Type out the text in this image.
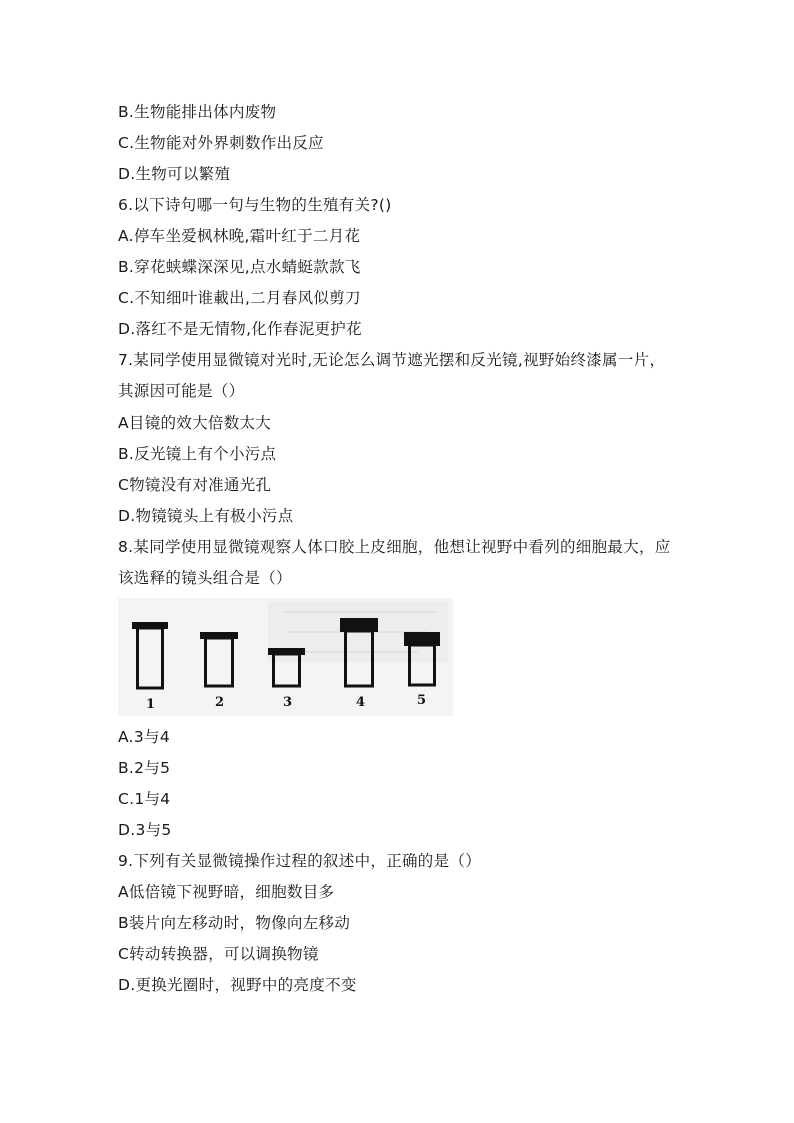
B.生物能排出体内废物
C.生物能对外界刺数作出反应
D.生物可以繁殖
6.以下诗句哪一句与生物的生殖有关?()
A.停车坐爱枫林晚,霜叶红于二月花
B.穿花蛱蝶深深见,点水蜻蜓款款飞
C.不知细叶谁載出,二月春风似剪刀
D.落红不是无情物,化作春泥更护花
7.某同学使用显微镜对光时,无论怎么调节遮光摆和反光镜,视野始终漆属一片，
其源因可能是（）
A目镜的效大倍数太大
B.反光镜上有个小污点
C物镜没有对准通光孔
D.物镜镜头上有极小污点
8.某同学使用显微镜观察人体口胶上皮细胞，他想让视野中看列的细胞最大，应
该选释的镜头组合是（）
1	2	3	4	5
A.3与4
B.2与5
C.1与4
D.3与5
9.下列有关显微镜操作过程的叙述中，正确的是（）
A低倍镜下视野暗，细胞数目多
B装片向左移动时，物像向左移动
C转动转换器，可以调换物镜
D.更换光圈时，视野中的亮度不变
